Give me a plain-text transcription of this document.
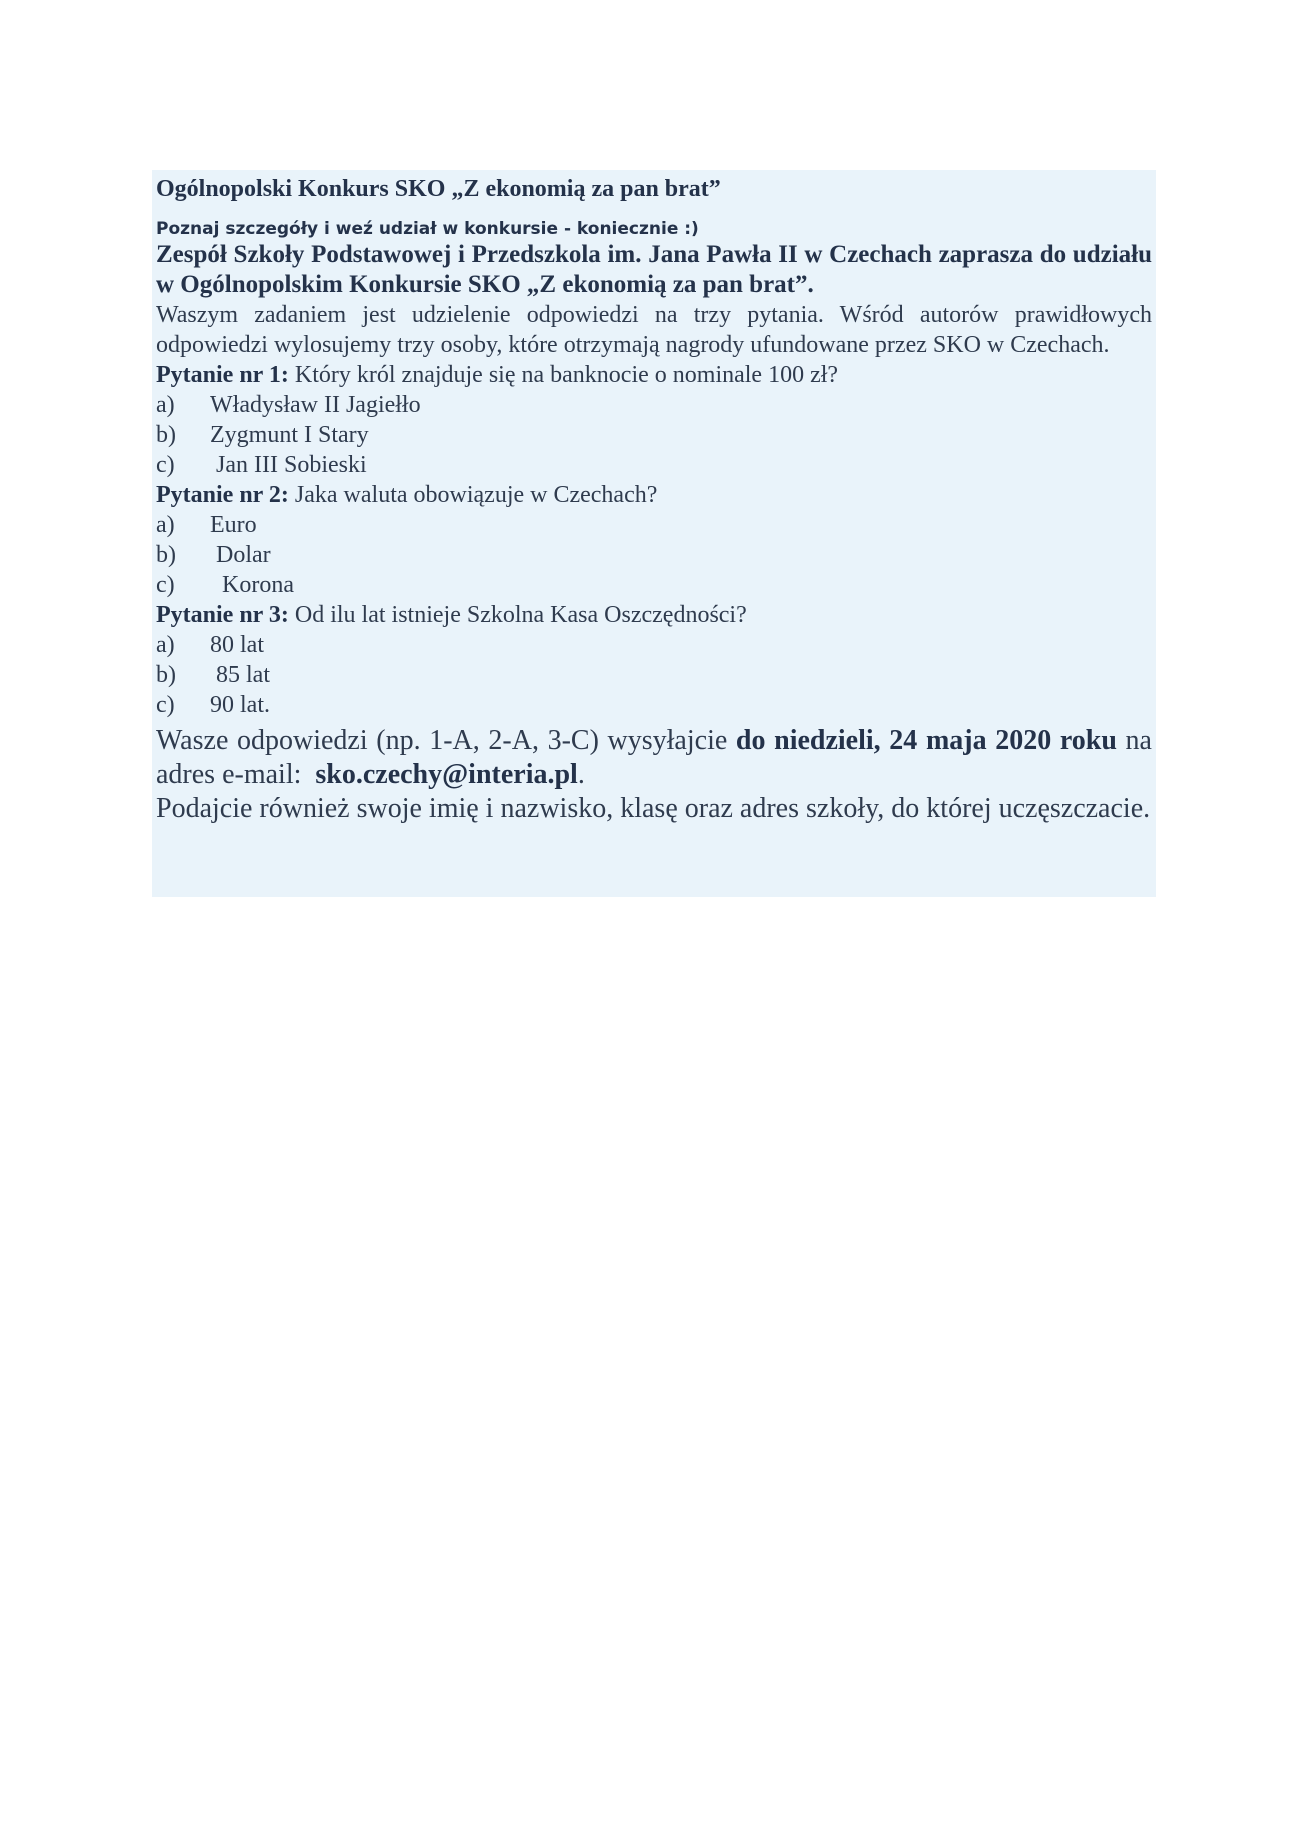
Ogólnopolski Konkurs SKO „Z ekonomią za pan brat”

Poznaj szczegóły i weź udział w konkursie - koniecznie :)

Zespół Szkoły Podstawowej i Przedszkola im. Jana Pawła II w Czechach zaprasza do udziału w Ogólnopolskim Konkursie SKO „Z ekonomią za pan brat”.

Waszym zadaniem jest udzielenie odpowiedzi na trzy pytania. Wśród autorów prawidłowych odpowiedzi wylosujemy trzy osoby, które otrzymają nagrody ufundowane przez SKO w Czechach.

Pytanie nr 1: Który król znajduje się na banknocie o nominale 100 zł?

a)	Władysław II Jagiełło
b)	Zygmunt I Stary
c)	Jan III Sobieski

Pytanie nr 2: Jaka waluta obowiązuje w Czechach?

a)	Euro
b)	Dolar
c)	Korona

Pytanie nr 3: Od ilu lat istnieje Szkolna Kasa Oszczędności?

a)	80 lat
b)	85 lat
c)	90 lat.

Wasze odpowiedzi (np. 1-A, 2-A, 3-C) wysyłajcie do niedzieli, 24 maja 2020 roku na adres e-mail:  sko.czechy@interia.pl.

Podajcie również swoje imię i nazwisko, klasę oraz adres szkoły, do której uczęszczacie.
